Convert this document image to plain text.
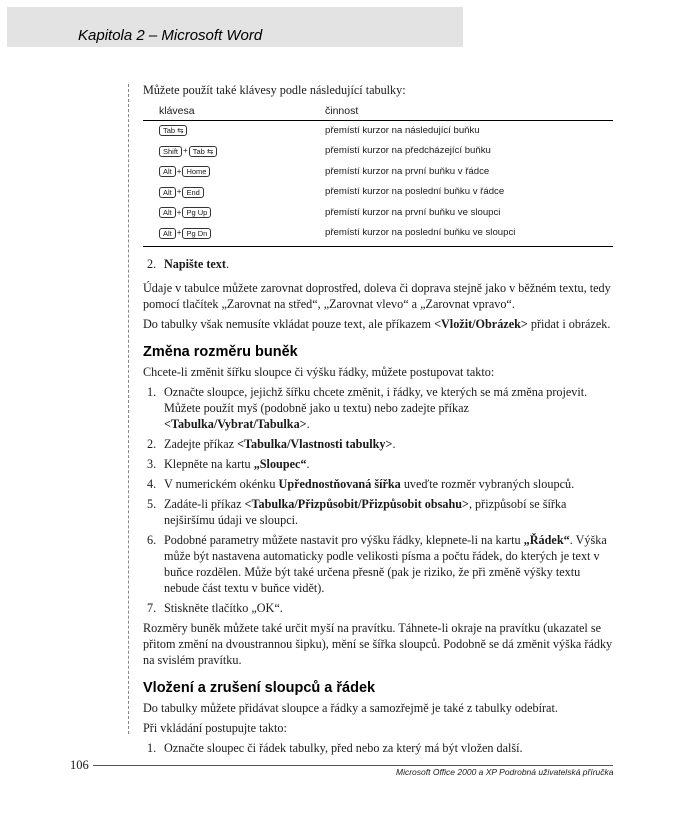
Kapitola 2 – Microsoft Word

Můžete použít také klávesy podle následující tabulky:

klávesa	činnost
Tab ⇆	přemístí kurzor na následující buňku
Shift + Tab ⇆	přemístí kurzor na předcházející buňku
Alt + Home	přemístí kurzor na první buňku v řádce
Alt + End	přemístí kurzor na poslední buňku v řádce
Alt + Pg Up	přemístí kurzor na první buňku ve sloupci
Alt + Pg Dn	přemístí kurzor na poslední buňku ve sloupci
2. Napište text.

Údaje v tabulce můžete zarovnat doprostřed, doleva či doprava stejně jako v běžném textu, tedy pomocí tlačítek „Zarovnat na střed“, „Zarovnat vlevo“ a „Zarovnat vpravo“.

Do tabulky však nemusíte vkládat pouze text, ale příkazem <Vložit/Obrázek> přidat i obrázek.

Změna rozměru buněk

Chcete-li změnit šířku sloupce či výšku řádky, můžete postupovat takto:

1. Označte sloupce, jejichž šířku chcete změnit, i řádky, ve kterých se má změna projevit. Můžete použít myš (podobně jako u textu) nebo zadejte příkaz <Tabulka/Vybrat/Tabulka>.
2. Zadejte příkaz <Tabulka/Vlastnosti tabulky>.
3. Klepněte na kartu „Sloupec“.
4. V numerickém okénku Upřednostňovaná šířka uveďte rozměr vybraných sloupců.
5. Zadáte-li příkaz <Tabulka/Přizpůsobit/Přizpůsobit obsahu>, přizpůsobí se šířka nejširšímu údaji ve sloupci.
6. Podobné parametry můžete nastavit pro výšku řádky, klepnete-li na kartu „Řádek“. Výška může být nastavena automaticky podle velikosti písma a počtu řádek, do kterých je text v buňce rozdělen. Může být také určena přesně (pak je riziko, že při změně výšky textu nebude část textu v buňce vidět).
7. Stiskněte tlačítko „OK“.

Rozměry buněk můžete také určit myší na pravítku. Táhnete-li okraje na pravítku (ukazatel se přitom změní na dvoustrannou šipku), mění se šířka sloupců. Podobně se dá změnit výška řádky na svislém pravítku.

Vložení a zrušení sloupců a řádek

Do tabulky můžete přidávat sloupce a řádky a samozřejmě je také z tabulky odebírat.

Při vkládání postupujte takto:

1. Označte sloupec či řádek tabulky, před nebo za který má být vložen další.
106	Microsoft Office 2000 a XP Podrobná uživatelská příručka
